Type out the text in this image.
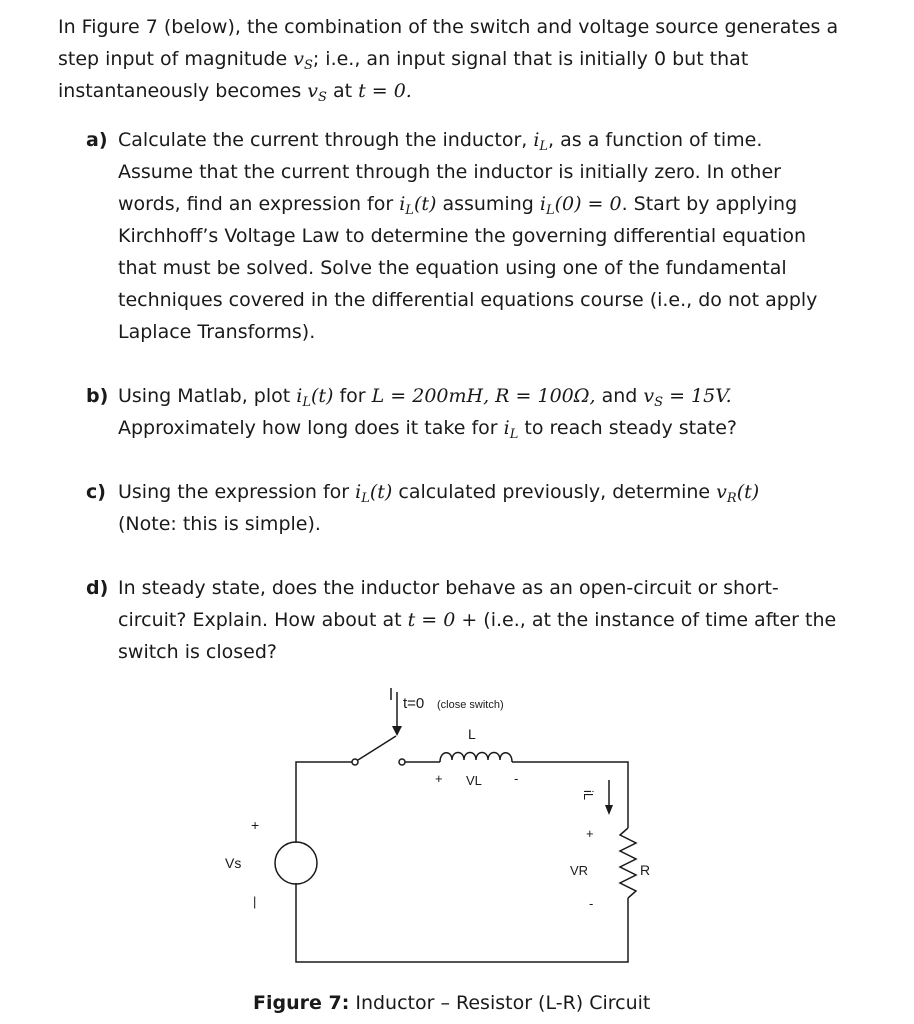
In Figure 7 (below), the combination of the switch and voltage source generates a
step input of magnitude $v_S$; i.e., an input signal that is initially 0 but that
instantaneously becomes $v_S$ at t = 0.
a) Calculate the current through the inductor, $i_L$, as a function of time.
Assume that the current through the inductor is initially zero. In other
words, find an expression for $i_L(t)$ assuming $i_L(0) = 0$. Start by applying
Kirchhoff’s Voltage Law to determine the governing differential equation
that must be solved. Solve the equation using one of the fundamental
techniques covered in the differential equations course (i.e., do not apply
Laplace Transforms).
b) Using Matlab, plot $i_L(t)$ for L = 200mH, R = 100Ω, and $v_S = 15V$.
Approximately how long does it take for $i_L$ to reach steady state?
c) Using the expression for $i_L(t)$ calculated previously, determine $v_R(t)$
(Note: this is simple).
d) In steady state, does the inductor behave as an open-circuit or short-
circuit? Explain. How about at t = 0 + (i.e., at the instance of time after the
switch is closed?
t=0 (close switch)
L
+ VL -
iL
+
Vs
|
+
VR
-
R
Figure 7: Inductor – Resistor (L-R) Circuit
